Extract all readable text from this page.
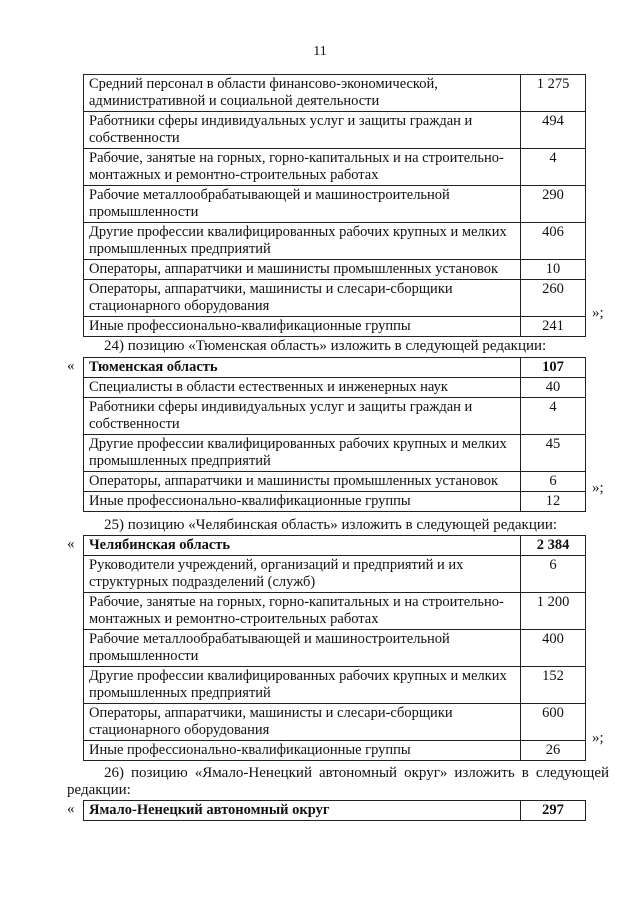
11
Средний персонал в области финансово-экономической, административной и социальной деятельности	1 275
Работники сферы индивидуальных услуг и защиты граждан и собственности	494
Рабочие, занятые на горных, горно-капитальных и на строительно-монтажных и ремонтно-строительных работах	4
Рабочие металлообрабатывающей и машиностроительной промышленности	290
Другие профессии квалифицированных рабочих крупных и мелких промышленных предприятий	406
Операторы, аппаратчики и машинисты промышленных установок	10
Операторы, аппаратчики, машинисты и слесари-сборщики стационарного оборудования	260
Иные профессионально-квалификационные группы	241
»;
24) позицию «Тюменская область» изложить в следующей редакции:
« Тюменская область	107
Специалисты в области естественных и инженерных наук	40
Работники сферы индивидуальных услуг и защиты граждан и собственности	4
Другие профессии квалифицированных рабочих крупных и мелких промышленных предприятий	45
Операторы, аппаратчики и машинисты промышленных установок	6
Иные профессионально-квалификационные группы	12
»;
25) позицию «Челябинская область» изложить в следующей редакции:
« Челябинская область	2 384
Руководители учреждений, организаций и предприятий и их структурных подразделений (служб)	6
Рабочие, занятые на горных, горно-капитальных и на строительно-монтажных и ремонтно-строительных работах	1 200
Рабочие металлообрабатывающей и машиностроительной промышленности	400
Другие профессии квалифицированных рабочих крупных и мелких промышленных предприятий	152
Операторы, аппаратчики, машинисты и слесари-сборщики стационарного оборудования	600
Иные профессионально-квалификационные группы	26
»;
26) позицию «Ямало-Ненецкий автономный округ» изложить в следующей
редакции:
« Ямало-Ненецкий автономный округ	297
